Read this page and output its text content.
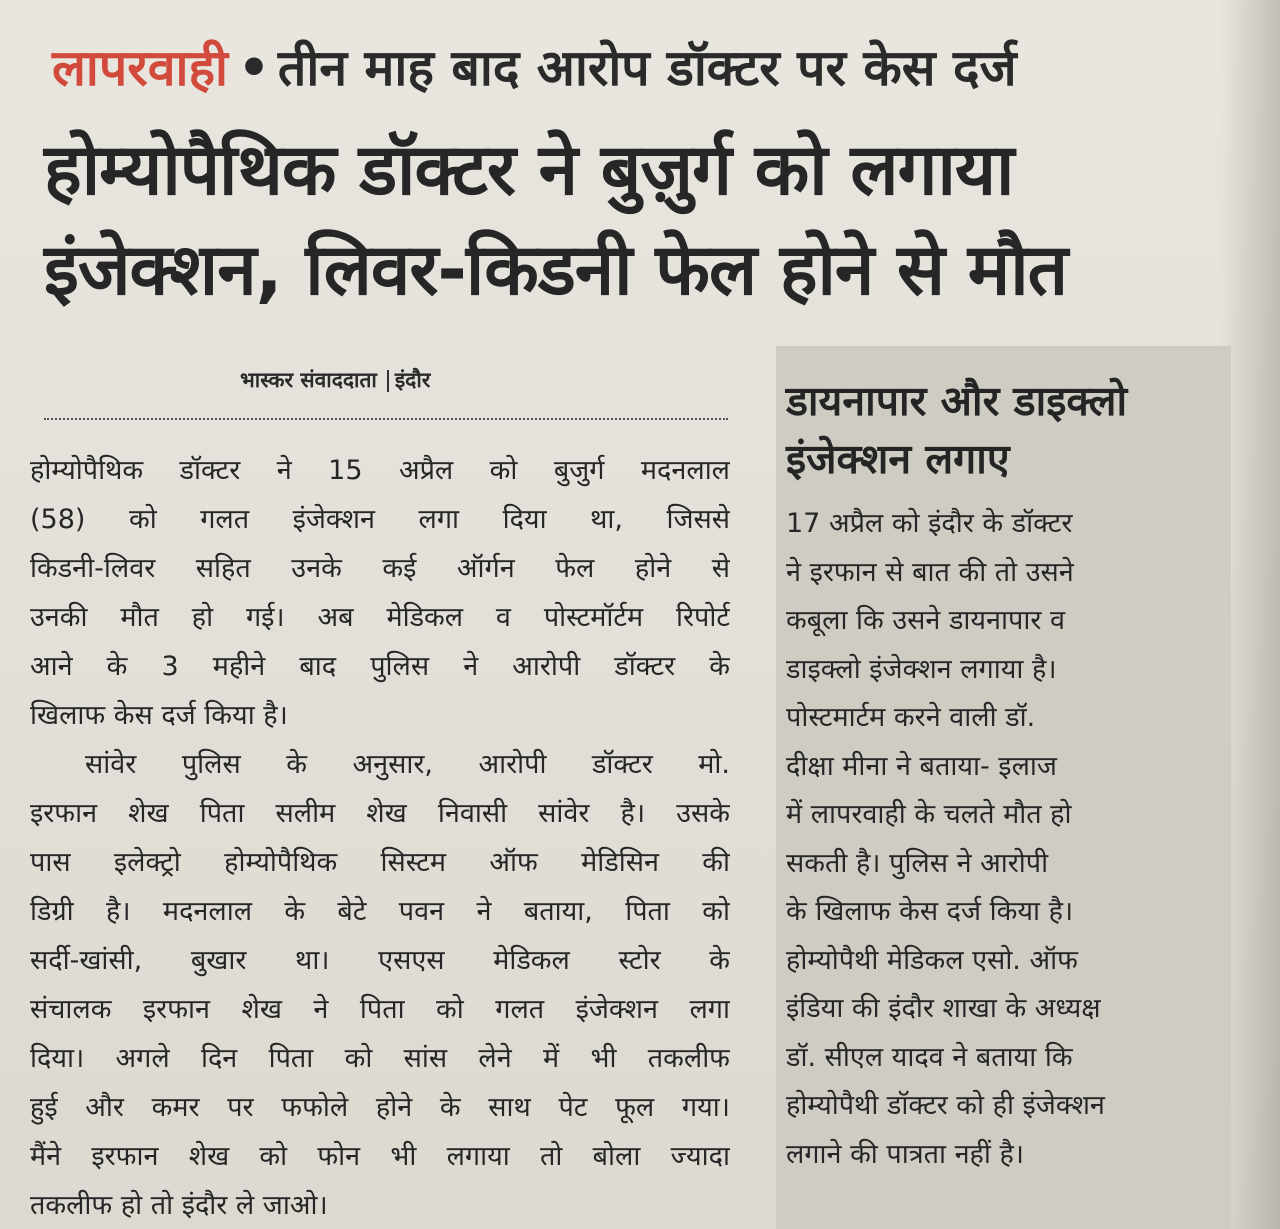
लापरवाही • तीन माह बाद आरोप डॉक्टर पर केस दर्ज
होम्योपैथिक डॉक्टर ने बुज़ुर्ग को लगाया
इंजेक्शन, लिवर-किडनी फेल होने से मौत
भास्कर संवाददाता इंदौर
होम्योपैथिक डॉक्टर ने 15 अप्रैल को बुजुर्ग मदनलाल
(58) को गलत इंजेक्शन लगा दिया था, जिससे
किडनी-लिवर सहित उनके कई ऑर्गन फेल होने से
उनकी मौत हो गई। अब मेडिकल व पोस्टमॉर्टम रिपोर्ट
आने के 3 महीने बाद पुलिस ने आरोपी डॉक्टर के
खिलाफ केस दर्ज किया है।
सांवेर पुलिस के अनुसार, आरोपी डॉक्टर मो.
इरफान शेख पिता सलीम शेख निवासी सांवेर है। उसके
पास इलेक्ट्रो होम्योपैथिक सिस्टम ऑफ मेडिसिन की
डिग्री है। मदनलाल के बेटे पवन ने बताया, पिता को
सर्दी-खांसी, बुखार था। एसएस मेडिकल स्टोर के
संचालक इरफान शेख ने पिता को गलत इंजेक्शन लगा
दिया। अगले दिन पिता को सांस लेने में भी तकलीफ
हुई और कमर पर फफोले होने के साथ पेट फूल गया।
मैंने इरफान शेख को फोन भी लगाया तो बोला ज्यादा
तकलीफ हो तो इंदौर ले जाओ।
डायनापार और डाइक्लो
इंजेक्शन लगाए
17 अप्रैल को इंदौर के डॉक्टर
ने इरफान से बात की तो उसने
कबूला कि उसने डायनापार व
डाइक्लो इंजेक्शन लगाया है।
पोस्टमार्टम करने वाली डॉ.
दीक्षा मीना ने बताया- इलाज
में लापरवाही के चलते मौत हो
सकती है। पुलिस ने आरोपी
के खिलाफ केस दर्ज किया है।
होम्योपैथी मेडिकल एसो. ऑफ
इंडिया की इंदौर शाखा के अध्यक्ष
डॉ. सीएल यादव ने बताया कि
होम्योपैथी डॉक्टर को ही इंजेक्शन
लगाने की पात्रता नहीं है।
